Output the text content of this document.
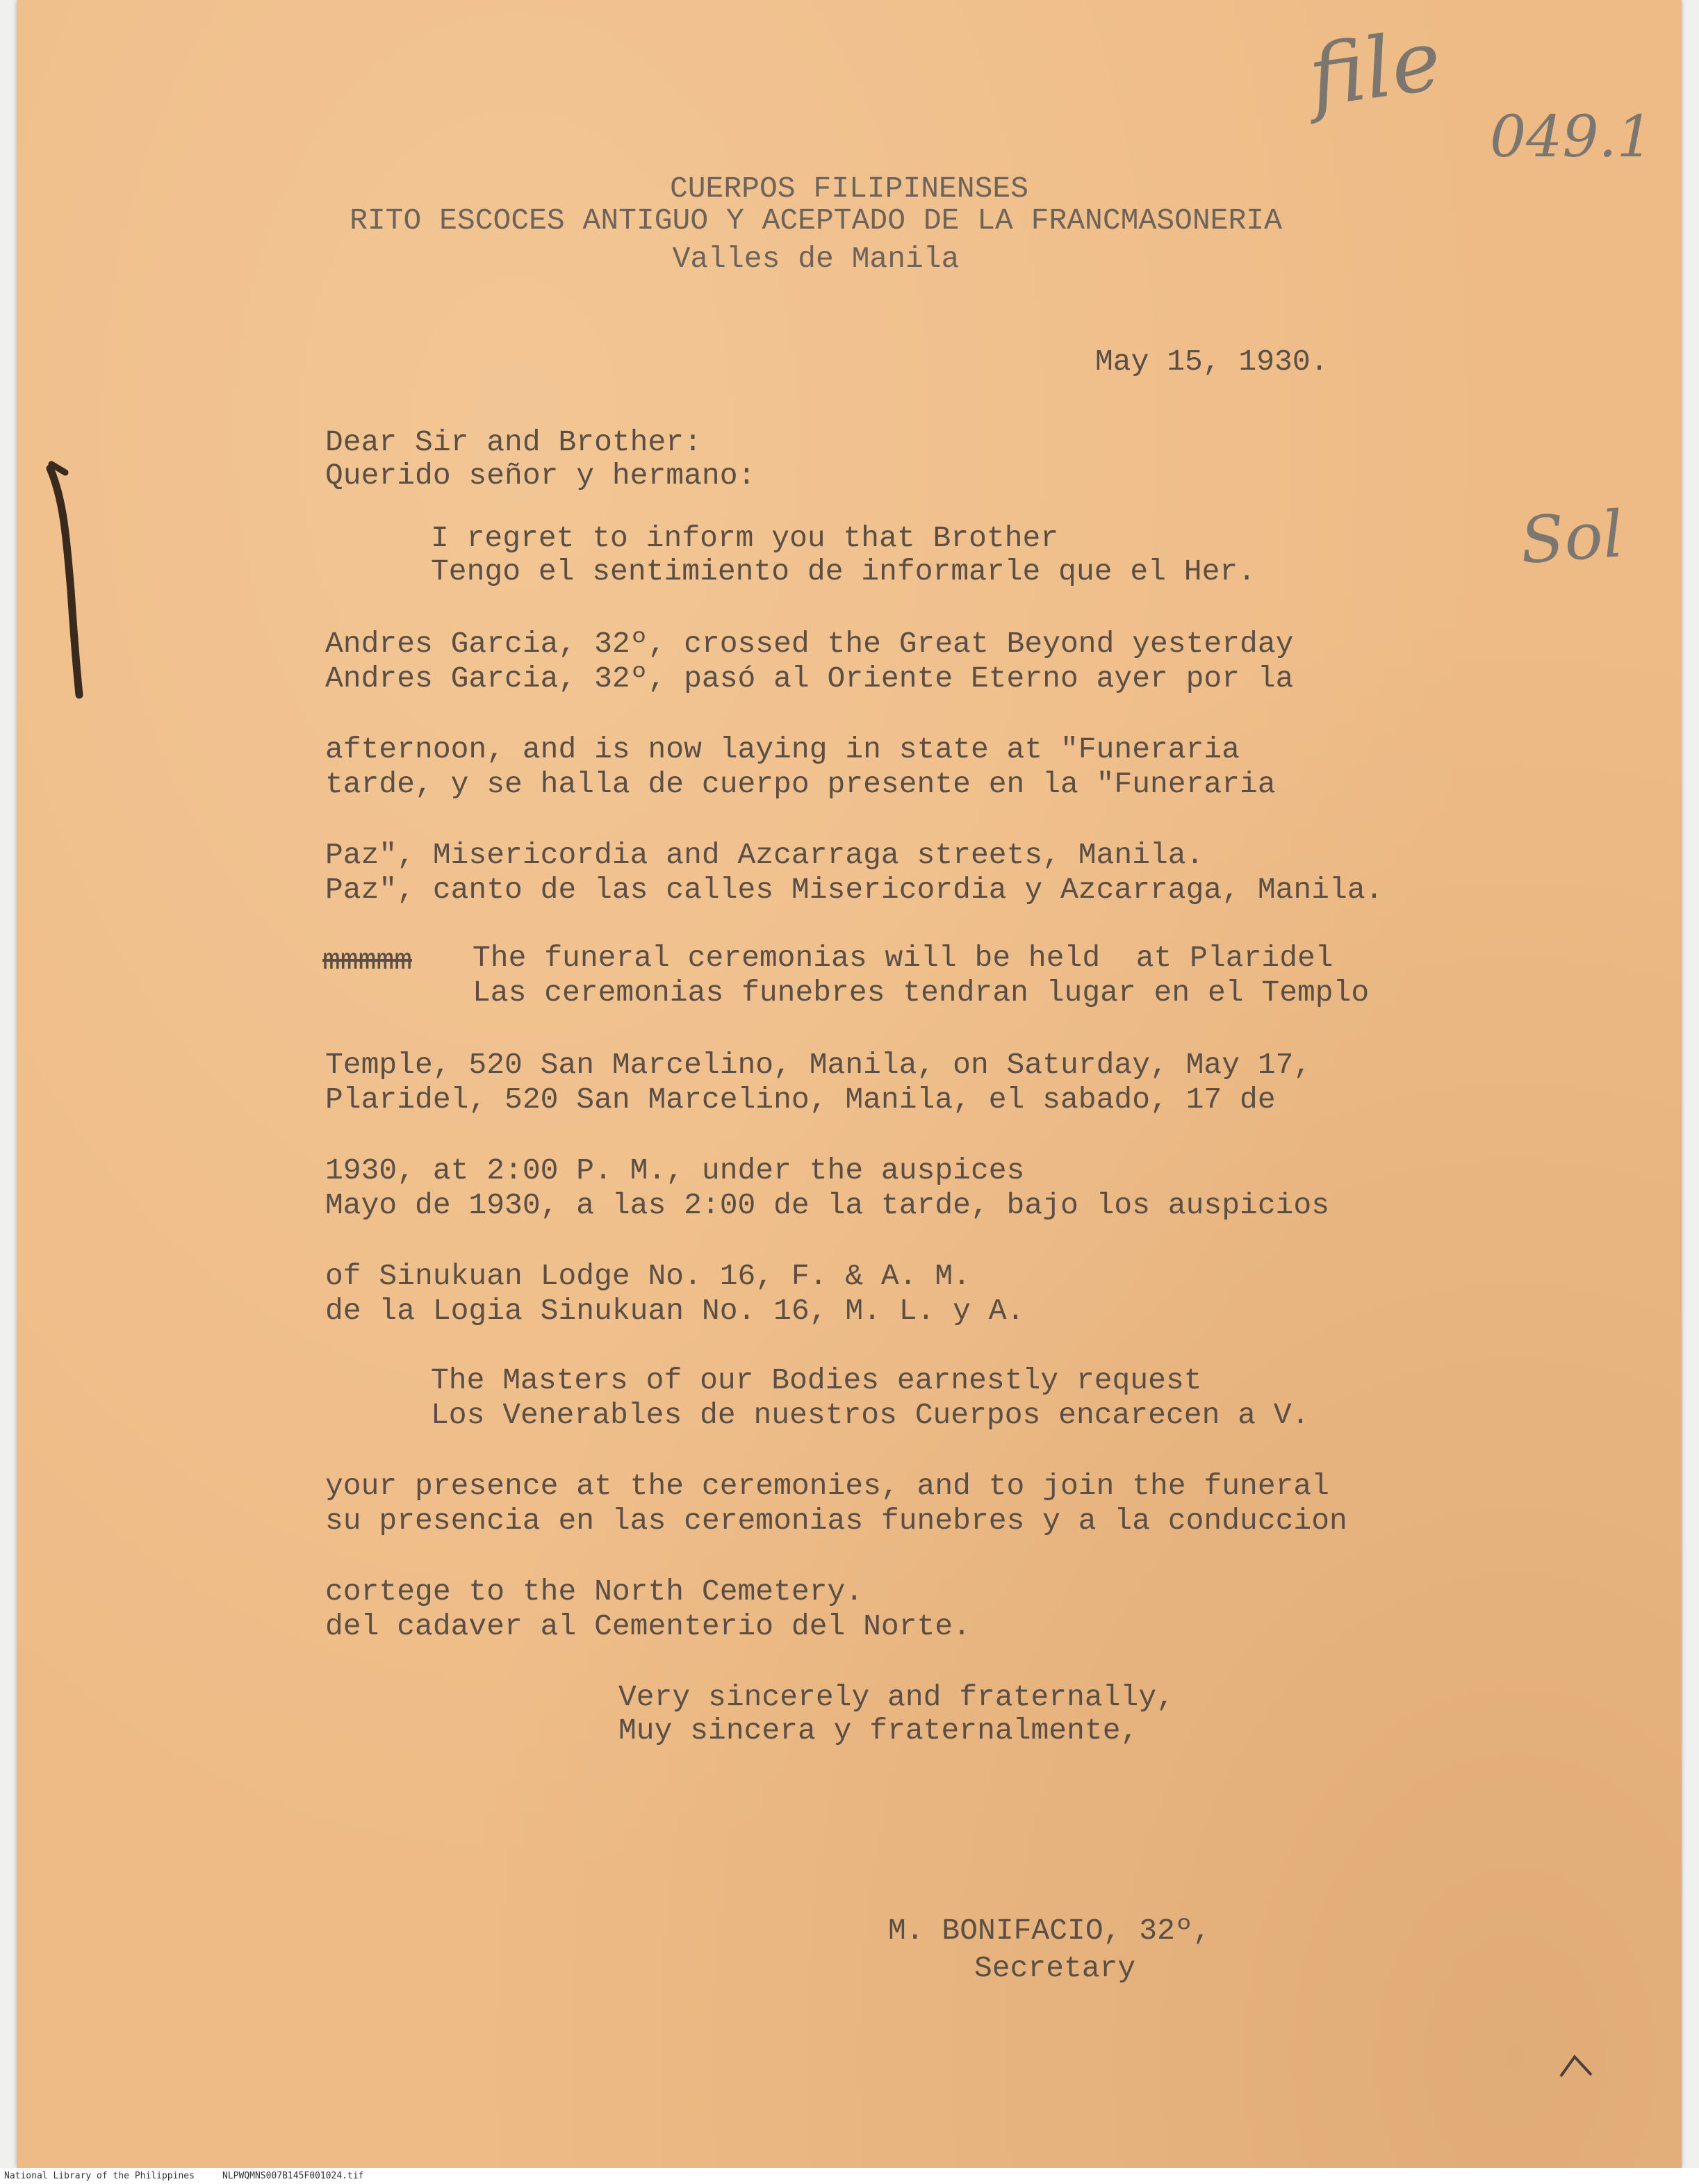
CUERPOS FILIPINENSES
RITO ESCOCES ANTIGUO Y ACEPTADO DE LA FRANCMASONERIA
Valles de Manila
May 15, 1930.
Dear Sir and Brother:
Querido señor y hermano:
I regret to inform you that Brother
Tengo el sentimiento de informarle que el Her.
Andres Garcia, 32º, crossed the Great Beyond yesterday
Andres Garcia, 32º, pasó al Oriente Eterno ayer por la
afternoon, and is now laying in state at "Funeraria
tarde, y se halla de cuerpo presente en la "Funeraria
Paz", Misericordia and Azcarraga streets, Manila.
Paz", canto de las calles Misericordia y Azcarraga, Manila.
mmmmm The funeral ceremonias will be held  at Plaridel
Las ceremonias funebres tendran lugar en el Templo
Temple, 520 San Marcelino, Manila, on Saturday, May 17,
Plaridel, 520 San Marcelino, Manila, el sabado, 17 de
1930, at 2:00 P. M., under the auspices
Mayo de 1930, a las 2:00 de la tarde, bajo los auspicios
of Sinukuan Lodge No. 16, F. & A. M.
de la Logia Sinukuan No. 16, M. L. y A.
The Masters of our Bodies earnestly request
Los Venerables de nuestros Cuerpos encarecen a V.
your presence at the ceremonies, and to join the funeral
su presencia en las ceremonias funebres y a la conduccion
cortege to the North Cemetery.
del cadaver al Cementerio del Norte.
Very sincerely and fraternally,
Muy sincera y fraternalmente,
M. BONIFACIO, 32º,
Secretary
file
049.1
Sol
National Library of the Philippines	NLPWQMNS007B145F001024.tif
